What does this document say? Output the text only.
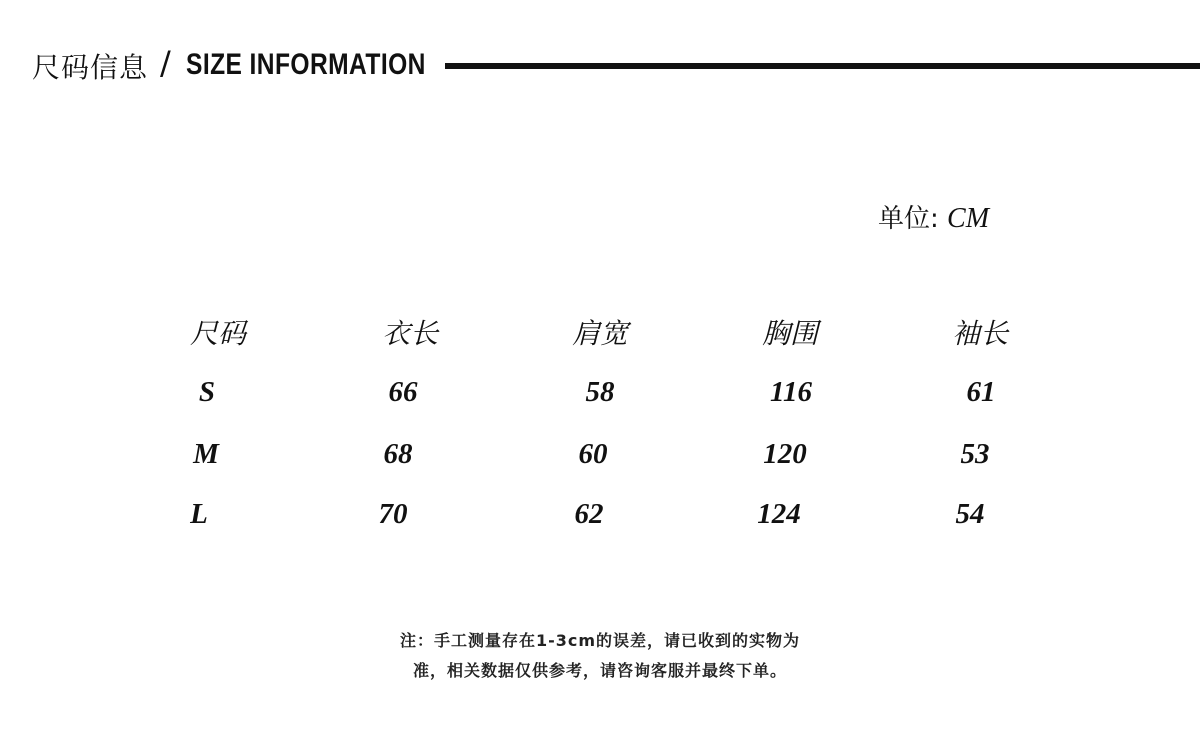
尺码信息 / SIZE INFORMATION
单位: CM
尺码	衣长	肩宽	胸围	袖长
S	66	58	116	61
M	68	60	120	53
L	70	62	124	54
注：手工测量存在1-3cm的误差，请已收到的实物为
准，相关数据仅供参考，请咨询客服并最终下单。
